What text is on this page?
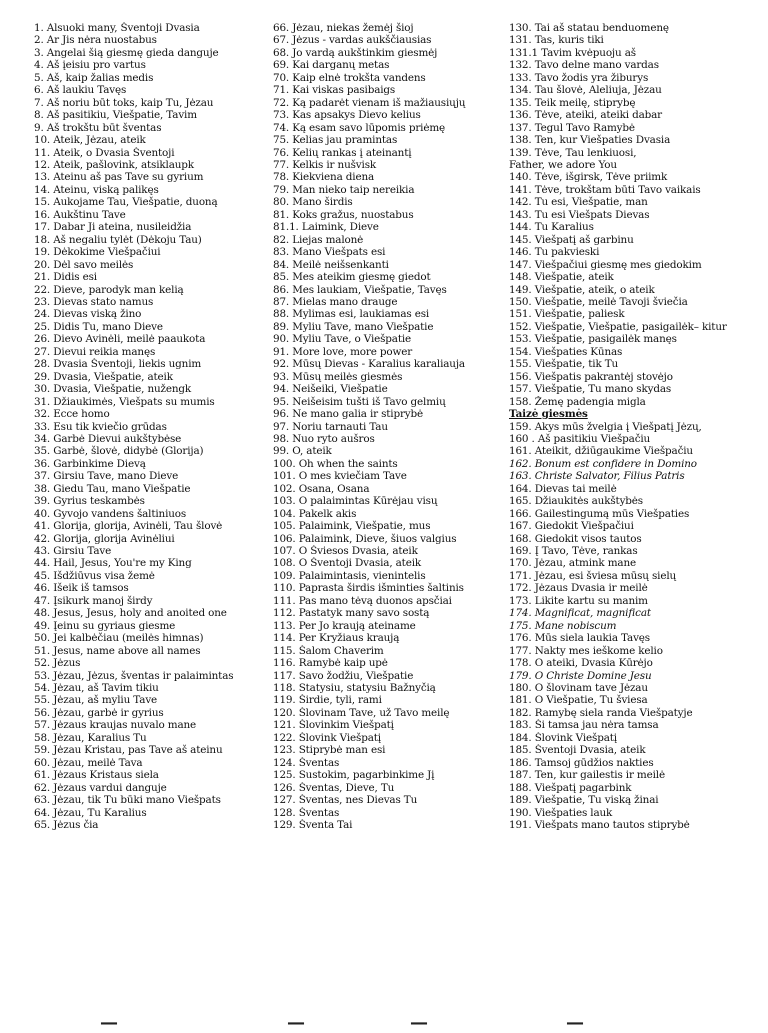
1. Alsuoki many, Šventoji Dvasia
2. Ar Jis nėra nuostabus
3. Angelai šią giesmę gieda danguje
4. Aš įeisiu pro vartus
5. Aš, kaip žalias medis
6. Aš laukiu Tavęs
7. Aš noriu būt toks, kaip Tu, Jėzau
8. Aš pasitikiu, Viešpatie, Tavim
9. Aš trokštu būt šventas
10. Ateik, Jėzau, ateik
11. Ateik, o Dvasia Šventoji
12. Ateik, pašlovink, atsiklaupk
13. Ateinu aš pas Tave su gyrium
14. Ateinu, viską palikęs
15. Aukojame Tau, Viešpatie, duoną
16. Aukštinu Tave
17. Dabar Ji ateina, nusileidžia
18. Aš negaliu tylėt (Dėkoju Tau)
19. Dėkokime Viešpačiui
20. Dėl savo meilės
21. Didis esi
22. Dieve, parodyk man kelią
23. Dievas stato namus
24. Dievas viską žino
25. Didis Tu, mano Dieve
26. Dievo Avinėli, meilė paaukota
27. Dievui reikia manęs
28. Dvasia Šventoji, liekis ugnim
29. Dvasia, Viešpatie, ateik
30. Dvasia, Viešpatie, nužengk
31. Džiaukimės, Viešpats su mumis
32. Ecce homo
33. Esu tik kviečio grūdas
34. Garbė Dievui aukštybėse
35. Garbė, šlovė, didybė (Glorija)
36. Garbinkime Dievą
37. Girsiu Tave, mano Dieve
38. Giedu Tau, mano Viešpatie
39. Gyrius teskambės
40. Gyvojo vandens šaltiniuos
41. Glorija, glorija, Avinėli, Tau šlovė
42. Glorija, glorija Avinėliui
43. Girsiu Tave
44. Hail, Jesus, You're my King
45. Išdžiūvus visa žemė
46. Išeik iš tamsos
47. Įsikurk manoj širdy
48. Jesus, Jesus, holy and anoited one
49. Įeinu su gyriaus giesme
50. Jei kalbėčiau (meilės himnas)
51. Jesus, name above all names
52. Jėzus
53. Jėzau, Jėzus, šventas ir palaimintas
54. Jėzau, aš Tavim tikiu
55. Jėzau, aš myliu Tave
56. Jėzau, garbė ir gyrius
57. Jėzaus kraujas nuvalo mane
58. Jėzau, Karalius Tu
59. Jėzau Kristau, pas Tave aš ateinu
60. Jėzau, meilė Tava
61. Jėzaus Kristaus siela
62. Jėzaus vardui danguje
63. Jėzau, tik Tu būki mano Viešpats
64. Jėzau, Tu Karalius
65. Jėzus čia
66. Jėzau, niekas žemėj šioj
67. Jėzus - vardas aukščiausias
68. Jo vardą aukštinkim giesmėj
69. Kai darganų metas
70. Kaip elnė trokšta vandens
71. Kai viskas pasibaigs
72. Ką padarėt vienam iš mažiausiųjų
73. Kas apsakys Dievo kelius
74. Ką esam savo lūpomis priėmę
75. Kelias jau pramintas
76. Kelių rankas į ateinantį
77. Kelkis ir nušvisk
78. Kiekviena diena
79. Man nieko taip nereikia
80. Mano širdis
81. Koks gražus, nuostabus
81.1. Laimink, Dieve
82. Liejas malonė
83. Mano Viešpats esi
84. Meilė neišsenkanti
85. Mes ateikim giesmę giedot
86. Mes laukiam, Viešpatie, Tavęs
87. Mielas mano drauge
88. Mylimas esi, laukiamas esi
89. Myliu Tave, mano Viešpatie
90. Myliu Tave, o Viešpatie
91. More love, more power
92. Mūsų Dievas - Karalius karaliaujа
93. Mūsų meilės giesmės
94. Neišeiki, Viešpatie
95. Neišeisim tušti iš Tavo gelmių
96. Ne mano galia ir stiprybė
97. Noriu tarnauti Tau
98. Nuo ryto aušros
99. O, ateik
100. Oh when the saints
101. O mes kviečiam Tave
102. Osana, Osana
103. O palaimintas Kūrėjau visų
104. Pakelk akis
105. Palaimink, Viešpatie, mus
106. Palaimink, Dieve, šiuos valgius
107. O Šviesos Dvasia, ateik
108. O Šventoji Dvasia, ateik
109. Palaimintasis, vienintelis
110. Paprasta širdis išminties šaltinis
111. Pas mano tėvą duonos apsčiai
112. Pastatyk many savo sostą
113. Per Jo kraują ateiname
114. Per Kryžiaus kraują
115. Šalom Chaverim
116. Ramybė kaip upė
117. Savo žodžiu, Viešpatie
118. Statysiu, statysiu Bažnyčią
119. Širdie, tyli, rami
120. Šlovinam Tave, už Tavo meilę
121. Šlovinkim Viešpatį
122. Šlovink Viešpatį
123. Stiprybė man esi
124. Šventas
125. Sustokim, pagarbinkime Jį
126. Šventas, Dieve, Tu
127. Šventas, nes Dievas Tu
128. Šventas
129. Šventa Tai
130. Tai aš statau benduomenę
131. Tas, kuris tiki
131.1 Tavim kvėpuoju aš
132. Tavo delne mano vardas
133. Tavo žodis yra žiburys
134. Tau šlovė, Aleliuja, Jėzau
135. Teik meilę, stiprybę
136. Tėve, ateiki, ateiki dabar
137. Tegul Tavo Ramybė
138. Ten, kur Viešpaties Dvasia
139. Tėve, Tau lenkiuosi,
Father, we adore You
140. Tėve, išgirsk, Tėve priimk
141. Tėve, trokštam būti Tavo vaikais
142. Tu esi, Viešpatie, man
143. Tu esi Viešpats Dievas
144. Tu Karalius
145. Viešpatį aš garbinu
146. Tu pakvieski
147. Viešpačiui giesmę mes giedokim
148. Viešpatie, ateik
149. Viešpatie, ateik, o ateik
150. Viešpatie, meilė Tavoji šviečia
151. Viešpatie, paliesk
152. Viešpatie, Viešpatie, pasigailėk– kitur
153. Viešpatie, pasigailėk manęs
154. Viešpaties Kūnas
155. Viešpatie, tik Tu
156. Viešpatis pakrantėj stovėjo
157. Viešpatie, Tu mano skydas
158. Žemę padengia migla
Taizė giesmės
159. Akys mūs žvelgia į Viešpatį Jėzų,
160 . Aš pasitikiu Viešpačiu
161. Ateikit, džiūgaukime Viešpačiu
162. Bonum est confidere in Domino
163. Christe Salvator, Filius Patris
164. Dievas tai meilė
165. Džiaukitės aukštybės
166. Gailestingumą mūs Viešpaties
167. Giedokit Viešpačiui
168. Giedokit visos tautos
169. Į Tavo, Tėve, rankas
170. Jėzau, atmink mane
171. Jėzau, esi šviesa mūsų sielų
172. Jėzaus Dvasia ir meilė
173. Likite kartu su manim
174. Magnificat, magnificat
175. Mane nobiscum
176. Mūs siela laukia Tavęs
177. Nakty mes ieškome kelio
178. O ateiki, Dvasia Kūrėjo
179. O Christe Domine Jesu
180. O šlovinam tave Jėzau
181. O Viešpatie, Tu šviesa
182. Ramybę siela randa Viešpatyje
183. Ši tamsa jau nėra tamsa
184. Šlovink Viešpatį
185. Šventoji Dvasia, ateik
186. Tamsoj gūdžios nakties
187. Ten, kur gailestis ir meilė
188. Viešpatį pagarbink
189. Viešpatie, Tu viską žinai
190. Viešpaties lauk
191. Viešpats mano tautos stiprybė
—	—	—	—
